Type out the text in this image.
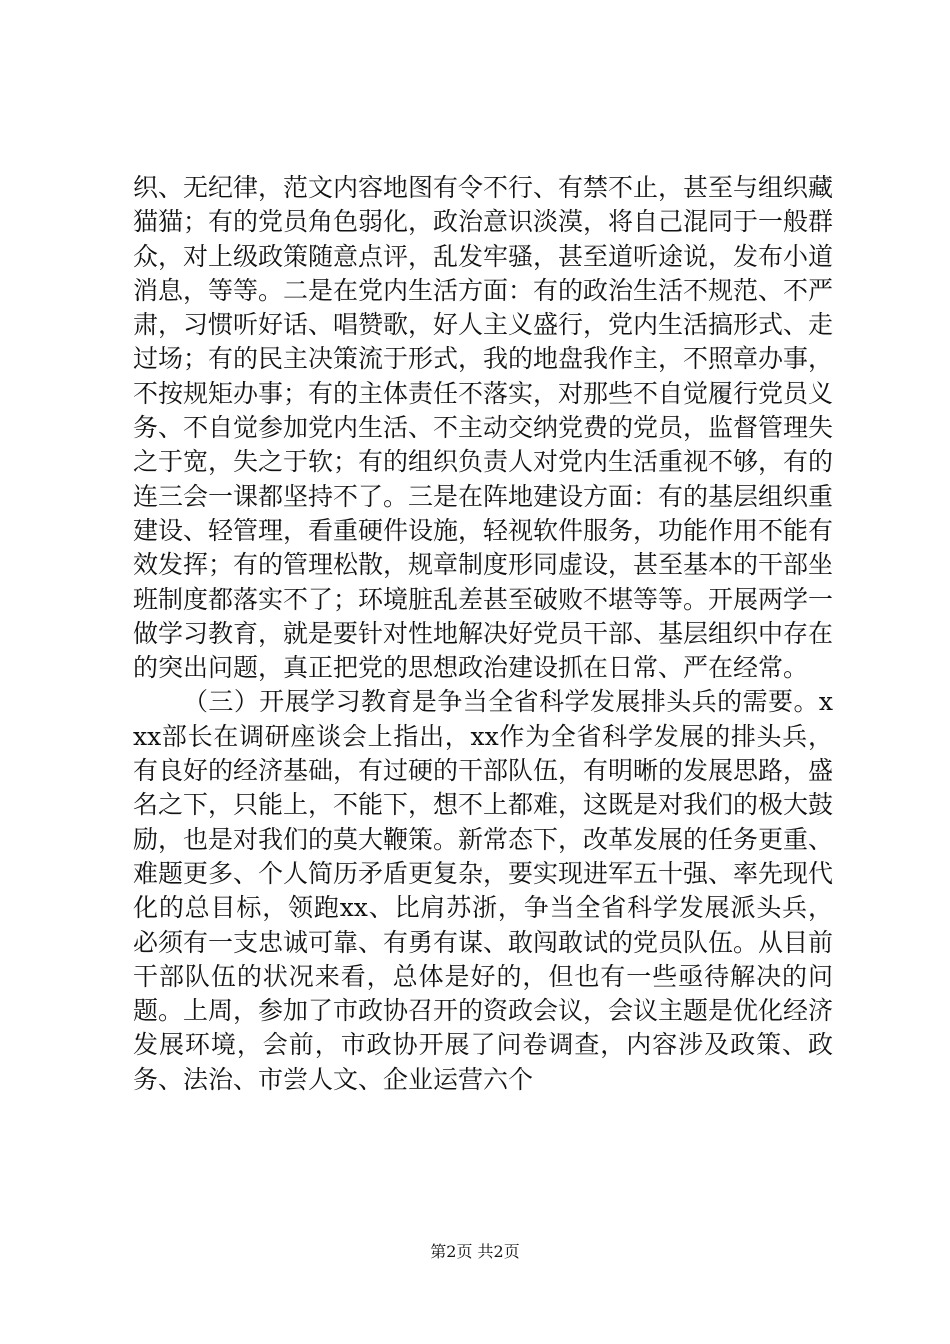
织、无纪律，范文内容地图有令不行、有禁不止，甚至与组织藏猫猫；有的党员角色弱化，政治意识淡漠，将自己混同于一般群众，对上级政策随意点评，乱发牢骚，甚至道听途说，发布小道消息，等等。二是在党内生活方面：有的政治生活不规范、不严肃，习惯听好话、唱赞歌，好人主义盛行，党内生活搞形式、走过场；有的民主决策流于形式，我的地盘我作主，不照章办事，不按规矩办事；有的主体责任不落实，对那些不自觉履行党员义务、不自觉参加党内生活、不主动交纳党费的党员，监督管理失之于宽，失之于软；有的组织负责人对党内生活重视不够，有的连三会一课都坚持不了。三是在阵地建设方面：有的基层组织重建设、轻管理，看重硬件设施，轻视软件服务，功能作用不能有效发挥；有的管理松散，规章制度形同虚设，甚至基本的干部坐班制度都落实不了；环境脏乱差甚至破败不堪等等。开展两学一做学习教育，就是要针对性地解决好党员干部、基层组织中存在的突出问题，真正把党的思想政治建设抓在日常、严在经常。

（三）开展学习教育是争当全省科学发展排头兵的需要。xxx部长在调研座谈会上指出，xx作为全省科学发展的排头兵，有良好的经济基础，有过硬的干部队伍，有明晰的发展思路，盛名之下，只能上，不能下，想不上都难，这既是对我们的极大鼓励，也是对我们的莫大鞭策。新常态下，改革发展的任务更重、难题更多、个人简历矛盾更复杂，要实现进军五十强、率先现代化的总目标，领跑xx、比肩苏浙，争当全省科学发展派头兵，必须有一支忠诚可靠、有勇有谋、敢闯敢试的党员队伍。从目前干部队伍的状况来看，总体是好的，但也有一些亟待解决的问题。上周，参加了市政协召开的资政会议，会议主题是优化经济发展环境，会前，市政协开展了问卷调查，内容涉及政策、政务、法治、市尝人文、企业运营六个

第2页 共2页
